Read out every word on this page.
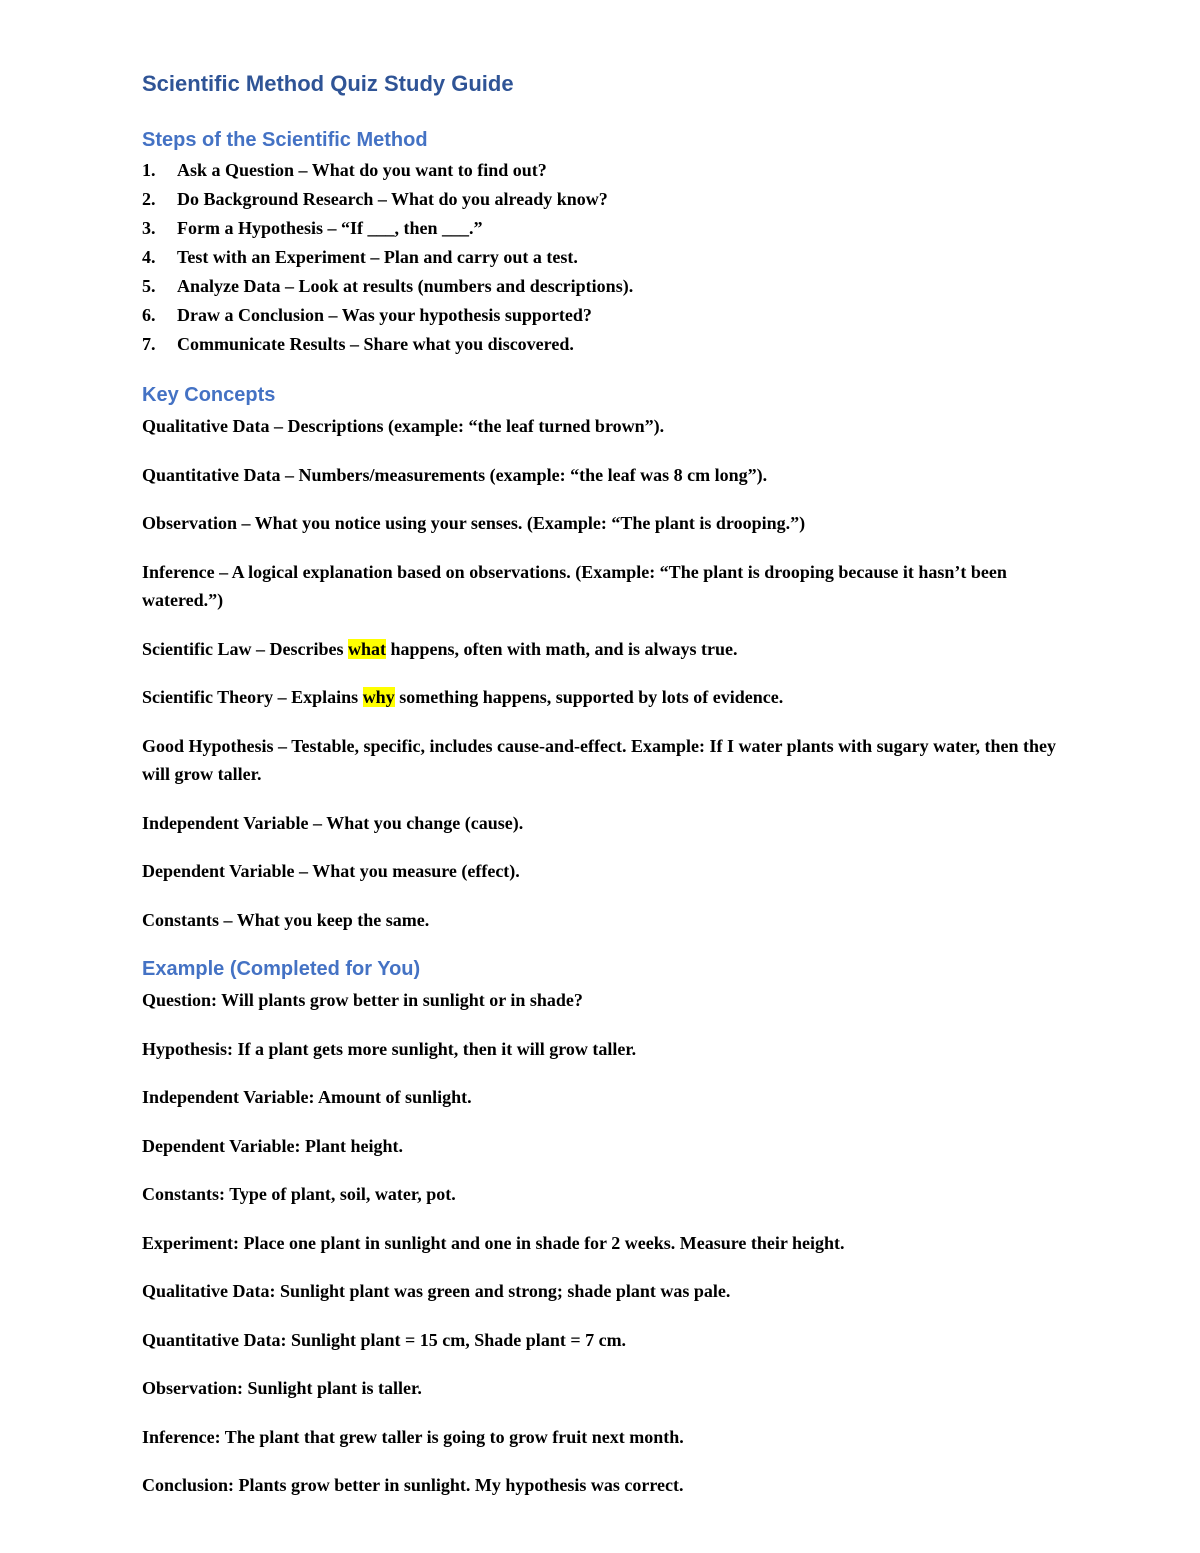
Scientific Method Quiz Study Guide
Steps of the Scientific Method
1. Ask a Question – What do you want to find out?
2. Do Background Research – What do you already know?
3. Form a Hypothesis – “If ___, then ___.”
4. Test with an Experiment – Plan and carry out a test.
5. Analyze Data – Look at results (numbers and descriptions).
6. Draw a Conclusion – Was your hypothesis supported?
7. Communicate Results – Share what you discovered.
Key Concepts

Qualitative Data – Descriptions (example: “the leaf turned brown”).

Quantitative Data – Numbers/measurements (example: “the leaf was 8 cm long”).

Observation – What you notice using your senses. (Example: “The plant is drooping.”)

Inference – A logical explanation based on observations. (Example: “The plant is drooping because it hasn’t been watered.”)

Scientific Law – Describes what happens, often with math, and is always true.

Scientific Theory – Explains why something happens, supported by lots of evidence.

Good Hypothesis – Testable, specific, includes cause-and-effect. Example: If I water plants with sugary water, then they will grow taller.

Independent Variable – What you change (cause).

Dependent Variable – What you measure (effect).

Constants – What you keep the same.

Example (Completed for You)

Question: Will plants grow better in sunlight or in shade?

Hypothesis: If a plant gets more sunlight, then it will grow taller.

Independent Variable: Amount of sunlight.

Dependent Variable: Plant height.

Constants: Type of plant, soil, water, pot.

Experiment: Place one plant in sunlight and one in shade for 2 weeks. Measure their height.

Qualitative Data: Sunlight plant was green and strong; shade plant was pale.

Quantitative Data: Sunlight plant = 15 cm, Shade plant = 7 cm.

Observation: Sunlight plant is taller.

Inference: The plant that grew taller is going to grow fruit next month.

Conclusion: Plants grow better in sunlight. My hypothesis was correct.
